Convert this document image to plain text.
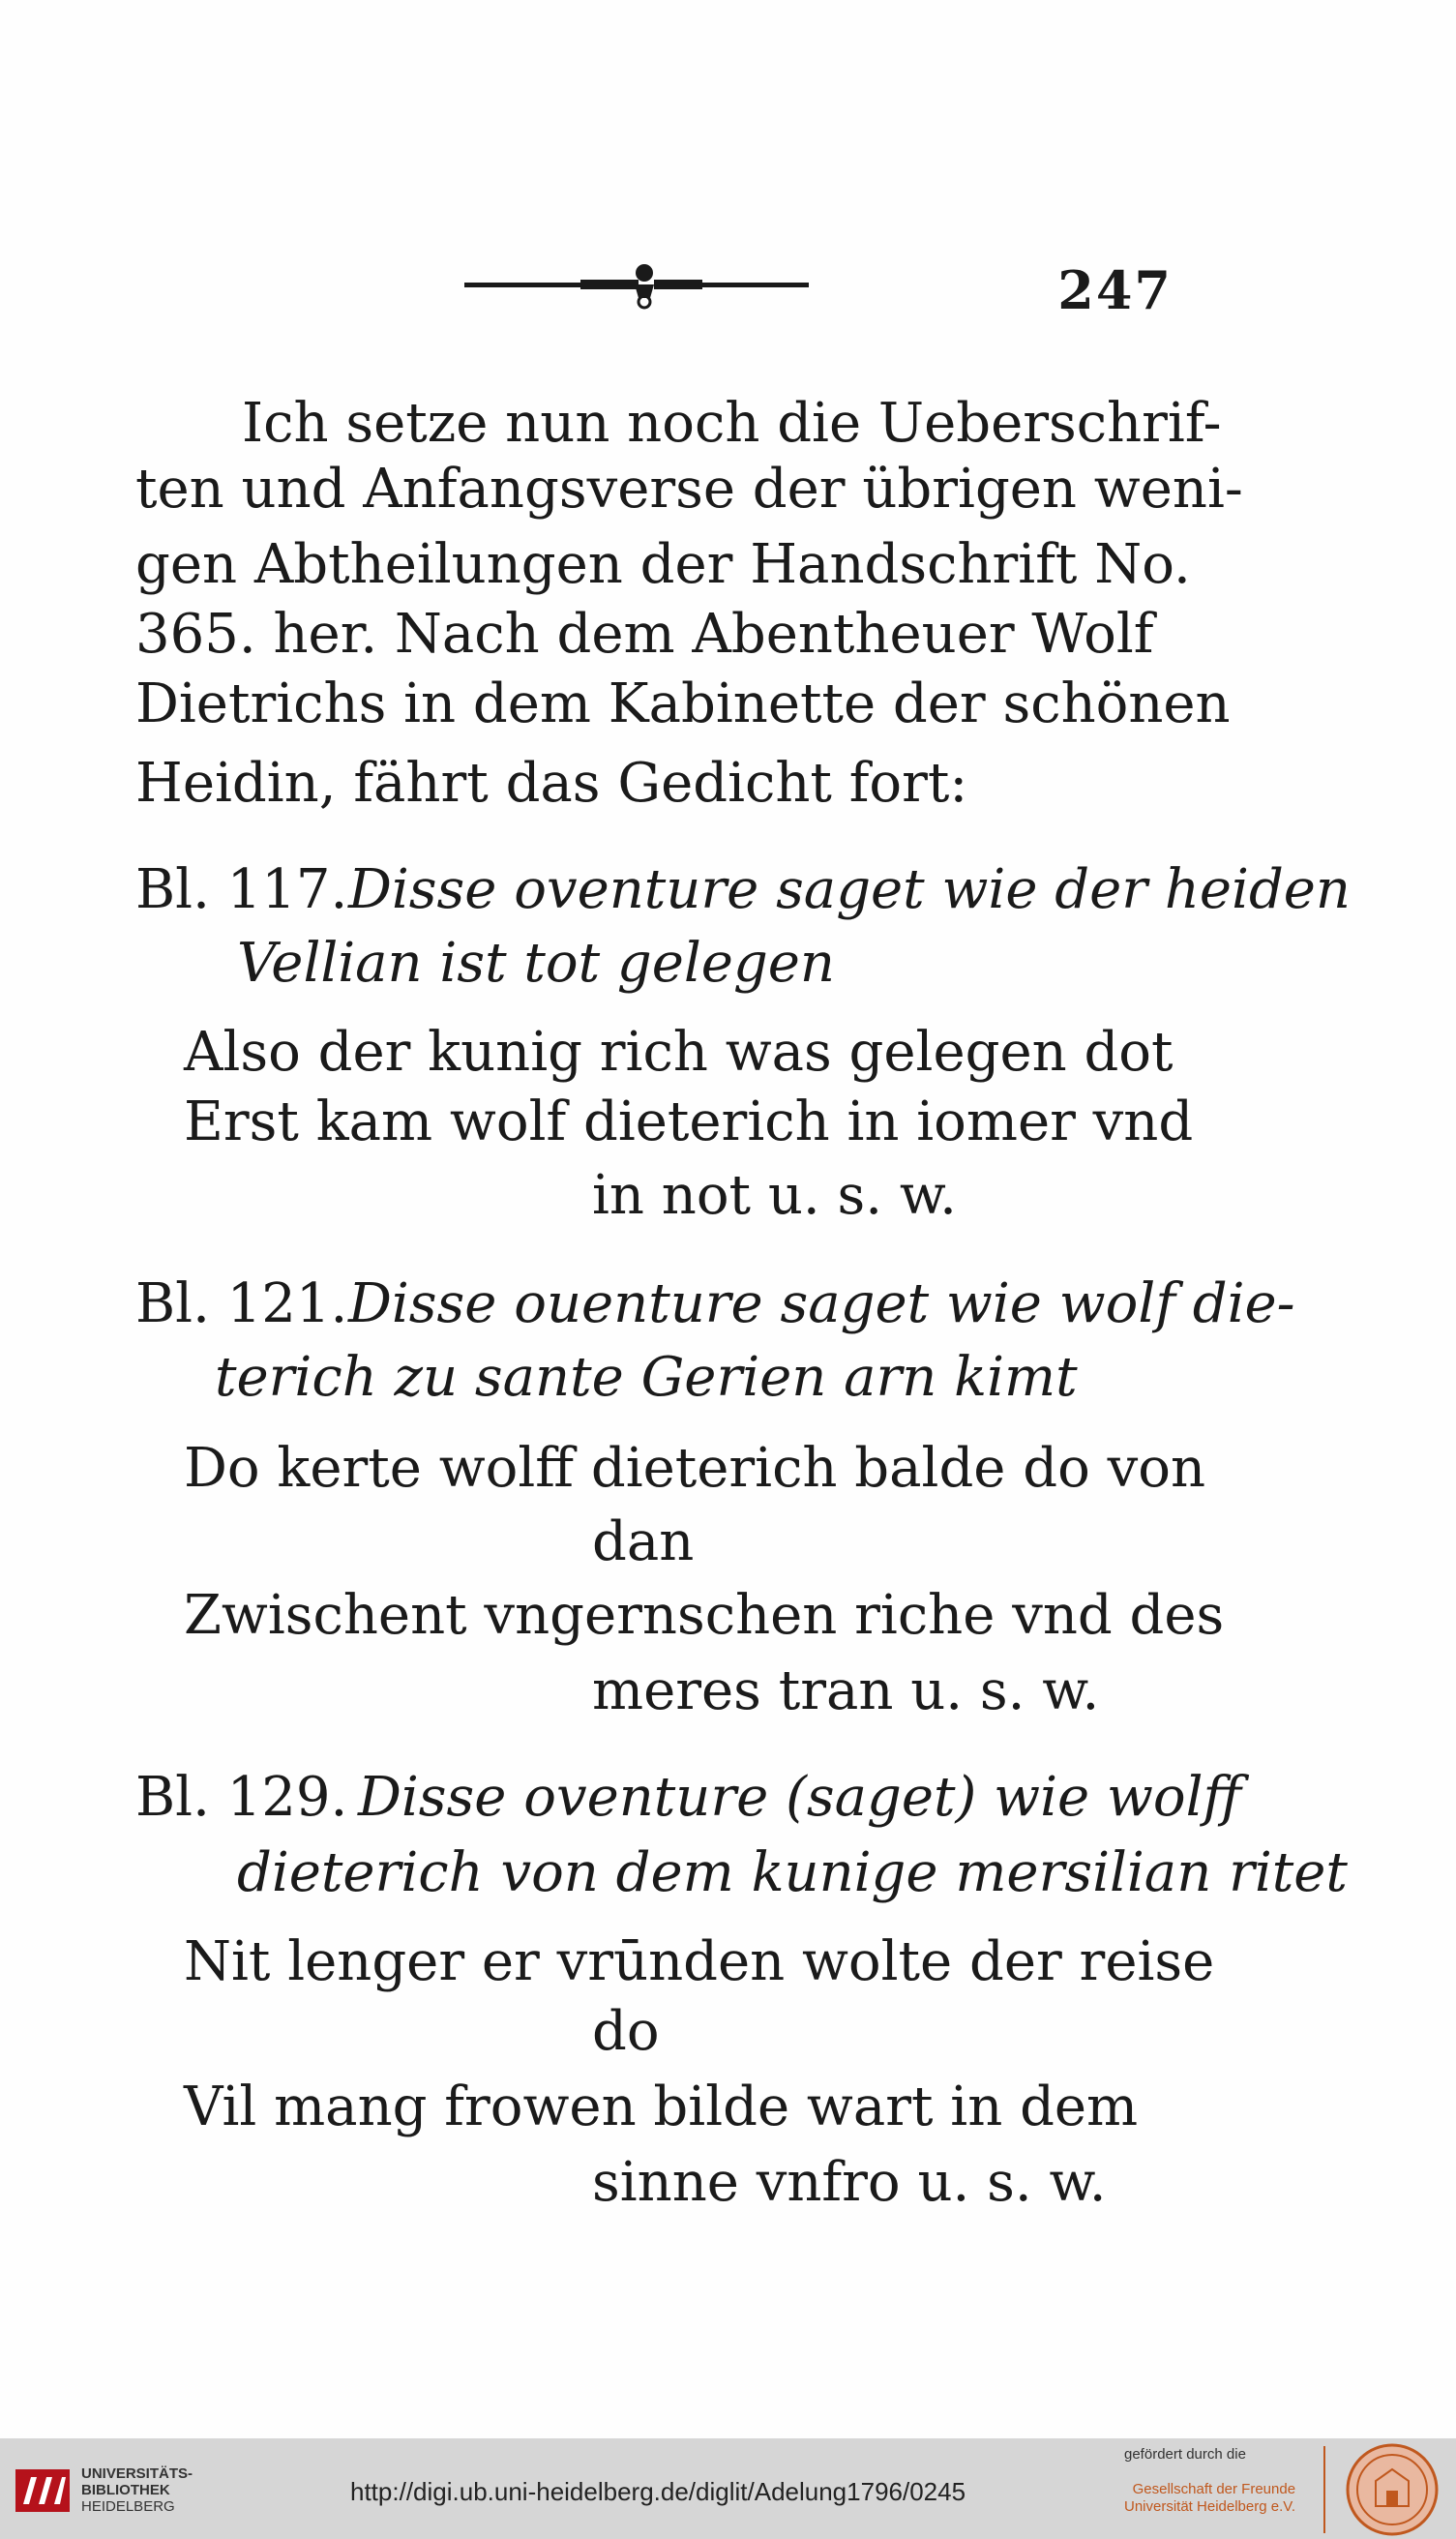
247
Ich setze nun noch die Ueberschrif-
ten und Anfangsverse der übrigen weni-
gen Abtheilungen der Handschrift No.
365. her. Nach dem Abentheuer Wolf
Dietrichs in dem Kabinette der schönen
Heidin, fährt das Gedicht fort:
Bl. 117. Disse oventure saget wie der heiden
Vellian ist tot gelegen
Also der kunig rich was gelegen dot
Erst kam wolf dieterich in iomer vnd
in not u. s. w.
Bl. 121. Disse ouenture saget wie wolf die-
terich zu sante Gerien arn kimt
Do kerte wolff dieterich balde do von
dan
Zwischent vngernschen riche vnd des
meres tran u. s. w.
Bl. 129. Disse oventure (saget) wie wolff
dieterich von dem kunige mersilian ritet
Nit lenger er vrūnden wolte der reise
do
Vil mang frowen bilde wart in dem
sinne vnfro u. s. w.
UNIVERSITÄTS-
BIBLIOTHEK
HEIDELBERG
http://digi.ub.uni-heidelberg.de/diglit/Adelung1796/0245
gefördert durch die
Gesellschaft der Freunde
Universität Heidelberg e.V.
